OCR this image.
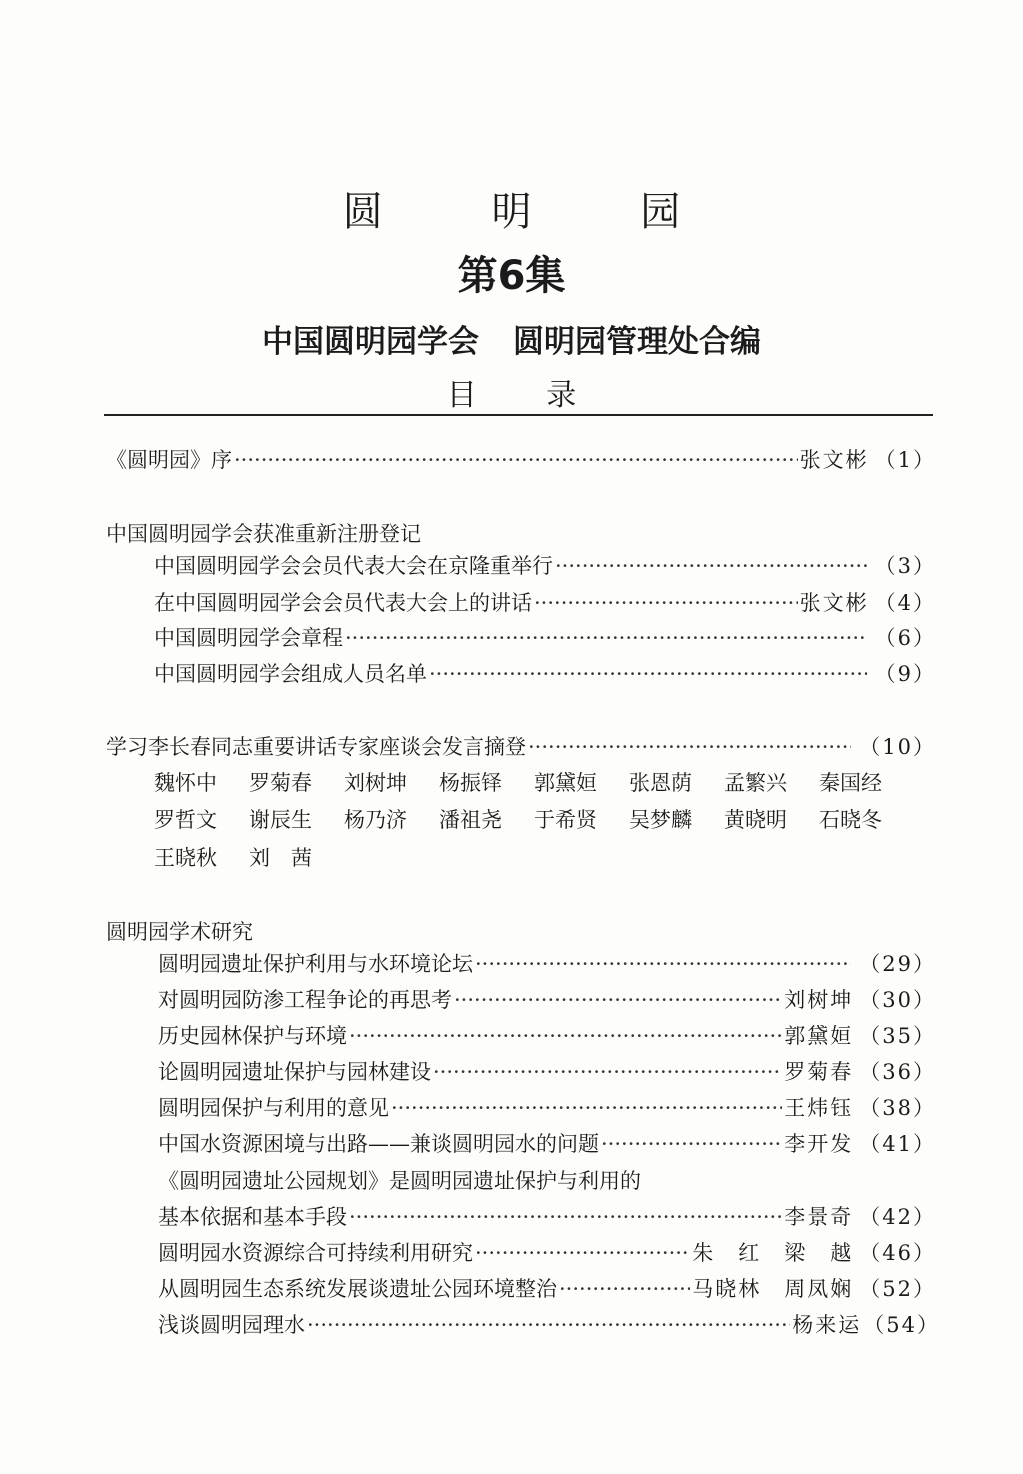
圆 明 园
第6集
中国圆明园学会 圆明园管理处合编
目 录
《圆明园》序 ·····	张文彬 （1）
中国圆明园学会获准重新注册登记
中国圆明园学会会员代表大会在京隆重举行 ·····	（3）
在中国圆明园学会会员代表大会上的讲话 ·····	张文彬 （4）
中国圆明园学会章程 ·····	（6）
中国圆明园学会组成人员名单 ·····	（9）
学习李长春同志重要讲话专家座谈会发言摘登 ·····	（10）
魏怀中	罗菊春	刘树坤	杨振铎	郭黛姮	张恩荫	孟繁兴	秦国经
罗哲文	谢辰生	杨乃济	潘祖尧	于希贤	吴梦麟	黄晓明	石晓冬
王晓秋	刘　茜
圆明园学术研究
圆明园遗址保护利用与水环境论坛 ·····	（29）
对圆明园防渗工程争论的再思考 ·····	刘树坤 （30）
历史园林保护与环境 ·····	郭黛姮 （35）
论圆明园遗址保护与园林建设 ·····	罗菊春 （36）
圆明园保护与利用的意见 ·····	王炜钰 （38）
中国水资源困境与出路——兼谈圆明园水的问题 ·····	李开发 （41）
《圆明园遗址公园规划》是圆明园遗址保护与利用的
基本依据和基本手段 ·····	李景奇 （42）
圆明园水资源综合可持续利用研究 ·····	朱　红　梁　越 （46）
从圆明园生态系统发展谈遗址公园环境整治 ·····	马晓林　周凤娴 （52）
浅谈圆明园理水 ·····	杨来运 （54）
